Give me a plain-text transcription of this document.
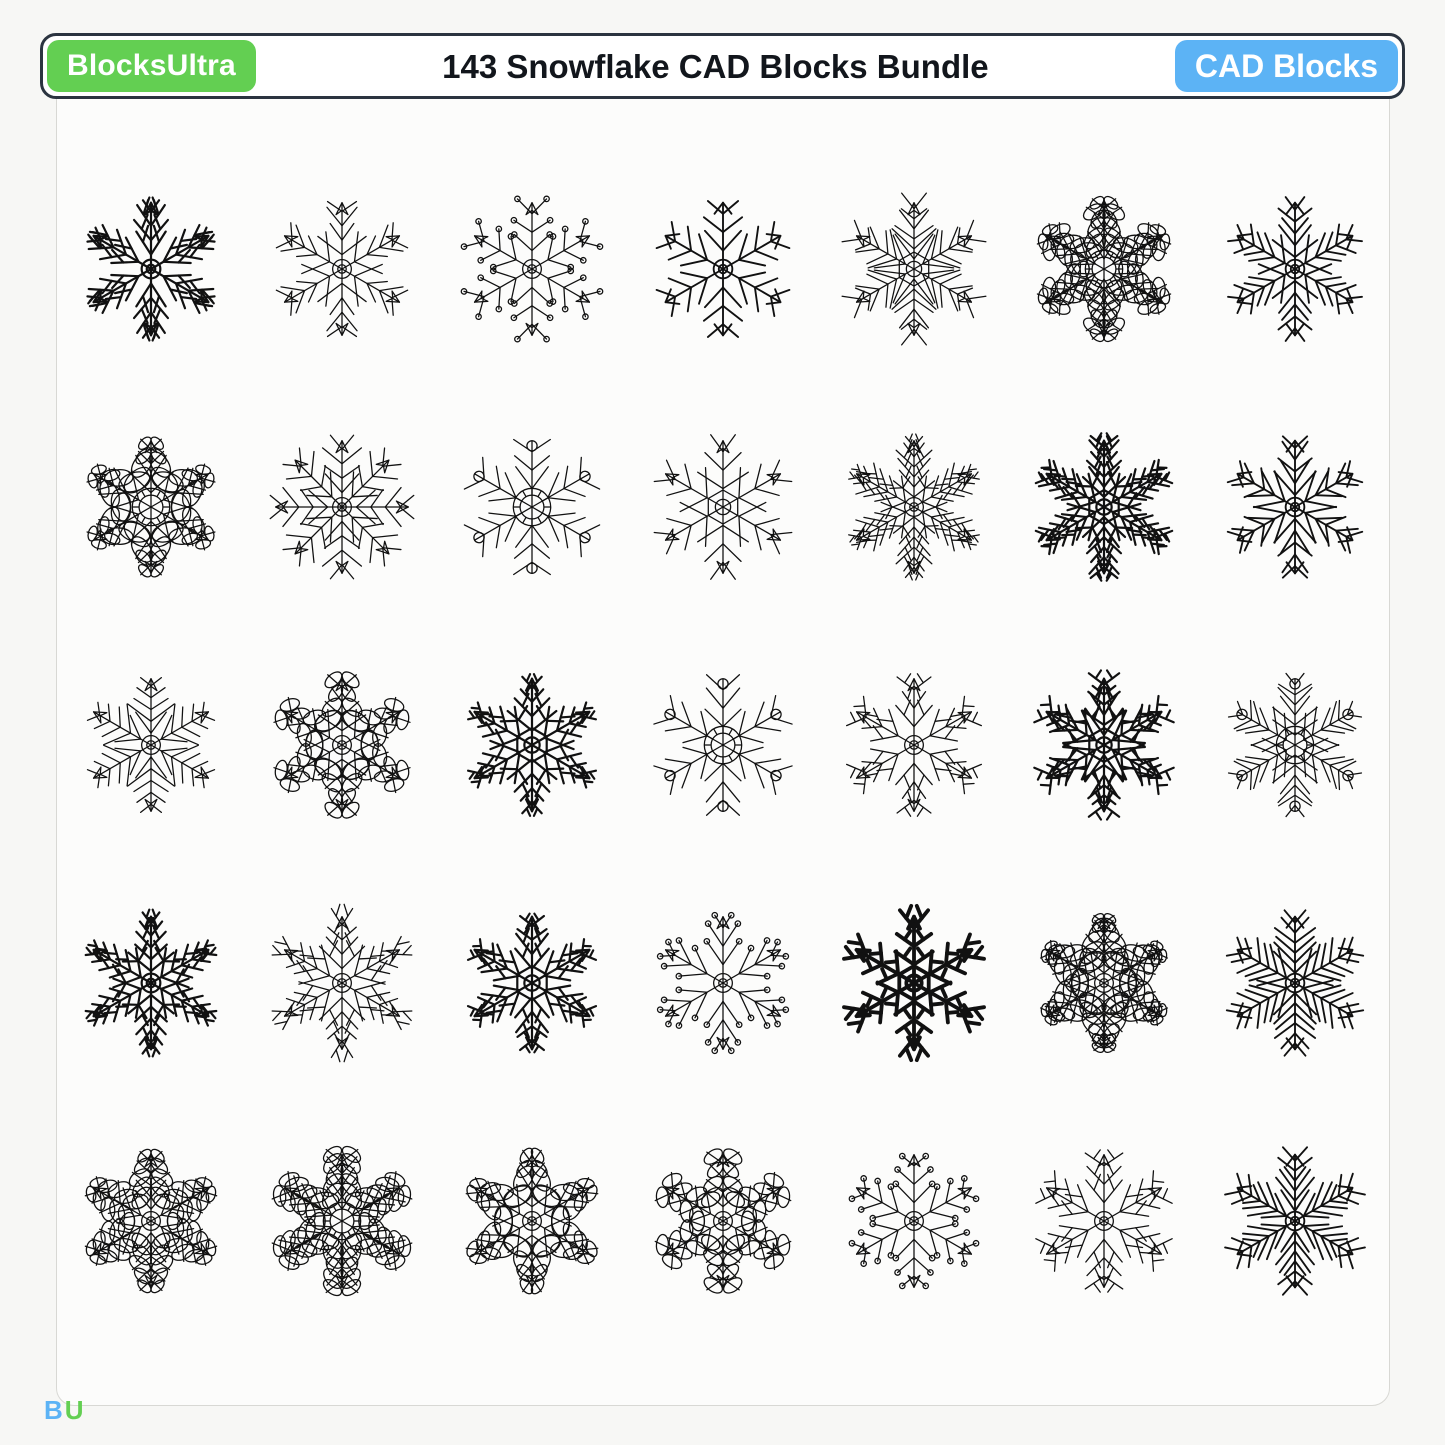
BlocksUltra	143 Snowflake CAD Blocks Bundle	CAD Blocks
B U
